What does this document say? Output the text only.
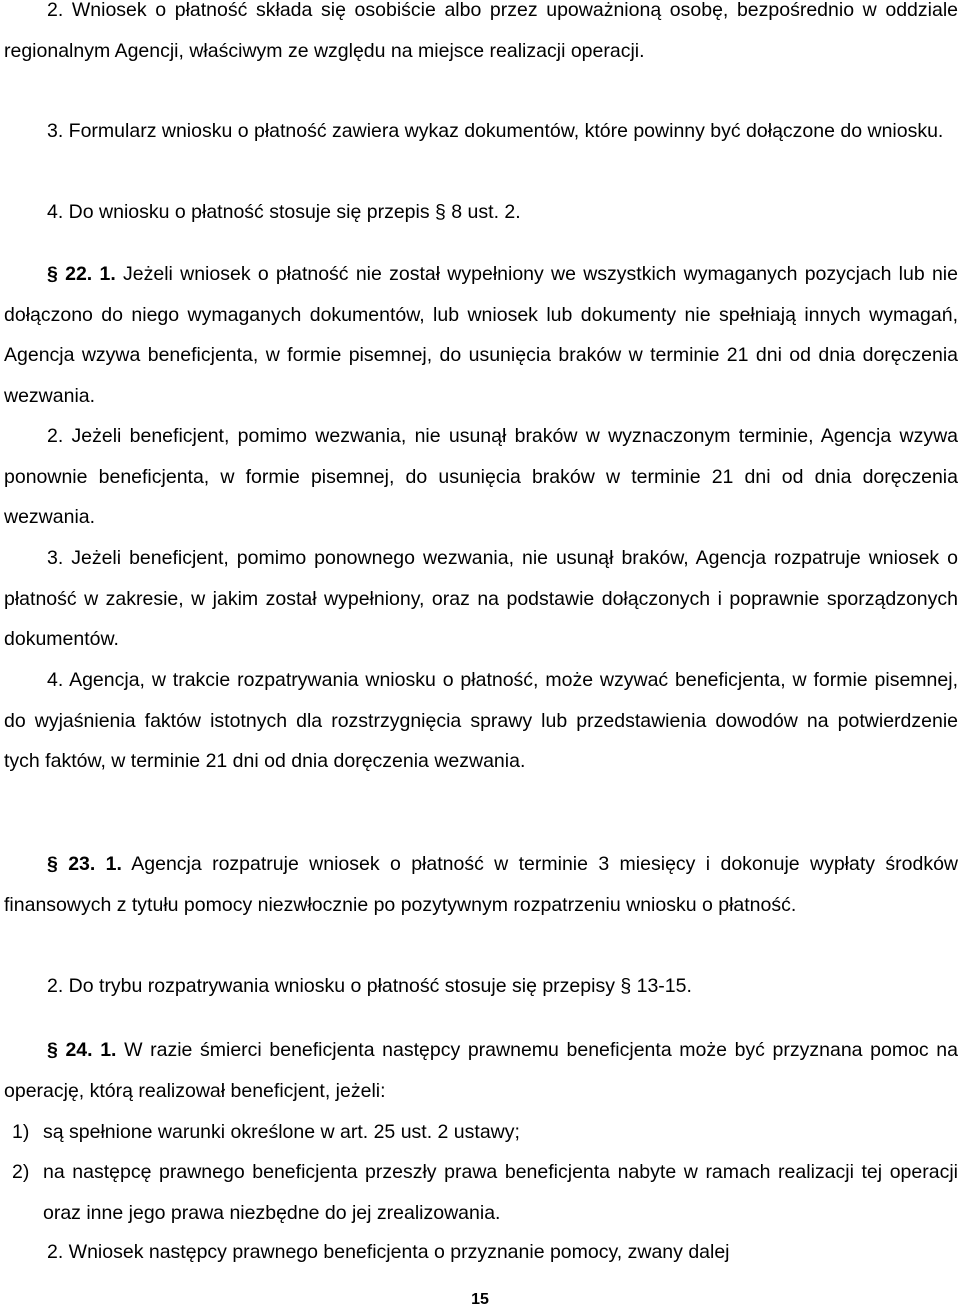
2. Wniosek o płatność składa się osobiście albo przez upoważnioną osobę, bezpośrednio w oddziale regionalnym Agencji, właściwym ze względu na miejsce realizacji operacji.

3. Formularz wniosku o płatność zawiera wykaz dokumentów, które powinny być dołączone do wniosku.

4. Do wniosku o płatność stosuje się przepis § 8 ust. 2.

§ 22. 1. Jeżeli wniosek o płatność nie został wypełniony we wszystkich wymaganych pozycjach lub nie dołączono do niego wymaganych dokumentów, lub wniosek lub dokumenty nie spełniają innych wymagań, Agencja wzywa beneficjenta, w formie pisemnej, do usunięcia braków w terminie 21 dni od dnia doręczenia wezwania.

2. Jeżeli beneficjent, pomimo wezwania, nie usunął braków w wyznaczonym terminie, Agencja wzywa ponownie beneficjenta, w formie pisemnej, do usunięcia braków w terminie 21 dni od dnia doręczenia wezwania.

3. Jeżeli beneficjent, pomimo ponownego wezwania, nie usunął braków, Agencja rozpatruje wniosek o płatność w zakresie, w jakim został wypełniony, oraz na podstawie dołączonych i poprawnie sporządzonych dokumentów.

4. Agencja, w trakcie rozpatrywania wniosku o płatność, może wzywać beneficjenta, w formie pisemnej, do wyjaśnienia faktów istotnych dla rozstrzygnięcia sprawy lub przedstawienia dowodów na potwierdzenie tych faktów, w terminie 21 dni od dnia doręczenia wezwania.

§ 23. 1. Agencja rozpatruje wniosek o płatność w terminie 3 miesięcy i dokonuje wypłaty środków finansowych z tytułu pomocy niezwłocznie po pozytywnym rozpatrzeniu wniosku o płatność.

2. Do trybu rozpatrywania wniosku o płatność stosuje się przepisy § 13-15.

§ 24. 1. W razie śmierci beneficjenta następcy prawnemu beneficjenta może być przyznana pomoc na operację, którą realizował beneficjent, jeżeli:

1) są spełnione warunki określone w art. 25 ust. 2 ustawy;
2) na następcę prawnego beneficjenta przeszły prawa beneficjenta nabyte w ramach realizacji tej operacji oraz inne jego prawa niezbędne do jej zrealizowania.

2. Wniosek następcy prawnego beneficjenta o przyznanie pomocy, zwany dalej

15
